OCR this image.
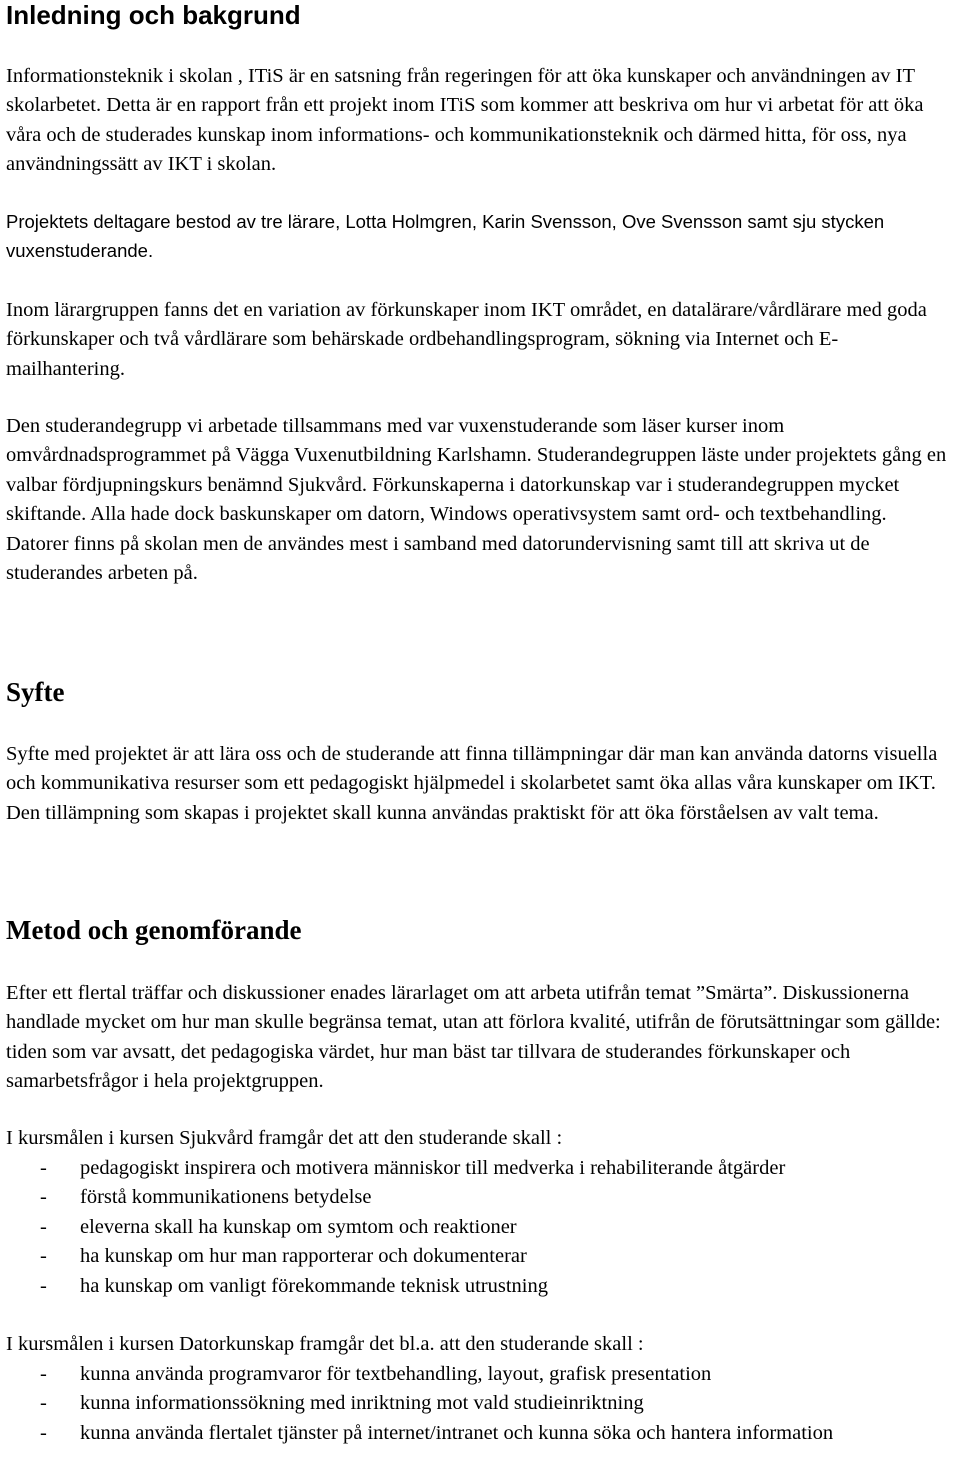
Inledning och bakgrund

Informationsteknik i skolan , ITiS är en satsning från regeringen för att öka kunskaper och användningen av IT skolarbetet. Detta är en rapport från ett projekt inom ITiS som kommer att beskriva om hur vi arbetat för att öka våra och de studerades kunskap inom informations- och kommunikationsteknik och därmed hitta, för oss, nya användningssätt av IKT i skolan.

Projektets deltagare bestod av tre lärare, Lotta Holmgren, Karin Svensson, Ove Svensson samt sju stycken vuxenstuderande.

Inom lärargruppen fanns det en variation av förkunskaper inom IKT området, en datalärare/vårdlärare med goda förkunskaper och två vårdlärare som behärskade ordbehandlingsprogram, sökning via Internet och E-mailhantering.

Den studerandegrupp vi arbetade tillsammans med var vuxenstuderande som läser kurser inom omvårdnadsprogrammet på Vägga Vuxenutbildning Karlshamn. Studerandegruppen läste under projektets gång en valbar fördjupningskurs benämnd Sjukvård. Förkunskaperna i datorkunskap var i studerandegruppen mycket skiftande. Alla hade dock baskunskaper om datorn, Windows operativsystem samt ord- och textbehandling. Datorer finns på skolan men de användes mest i samband med datorundervisning samt till att skriva ut de studerandes arbeten på.

Syfte

Syfte med projektet är att lära oss och de studerande att finna tillämpningar där man kan använda datorns visuella och kommunikativa resurser som ett pedagogiskt hjälpmedel i skolarbetet samt öka allas våra kunskaper om IKT. Den tillämpning som skapas i projektet skall kunna användas praktiskt för att öka förståelsen av valt tema.

Metod och genomförande

Efter ett flertal träffar och diskussioner enades lärarlaget om att arbeta utifrån temat ”Smärta”. Diskussionerna handlade mycket om hur man skulle begränsa temat, utan att förlora kvalité, utifrån de förutsättningar som gällde: tiden som var avsatt, det pedagogiska värdet, hur man bäst tar tillvara de studerandes förkunskaper och samarbetsfrågor i hela projektgruppen.

I kursmålen i kursen Sjukvård framgår det att den studerande skall :
- pedagogiskt inspirera och motivera människor till medverka i rehabiliterande åtgärder
- förstå kommunikationens betydelse
- eleverna skall ha kunskap om symtom och reaktioner
- ha kunskap om hur man rapporterar och dokumenterar
- ha kunskap om vanligt förekommande teknisk utrustning
I kursmålen i kursen Datorkunskap framgår det bl.a. att den studerande skall :
- kunna använda programvaror för textbehandling, layout, grafisk presentation
- kunna informationssökning med inriktning mot vald studieinriktning
- kunna använda flertalet tjänster på internet/intranet och kunna söka och hantera information
